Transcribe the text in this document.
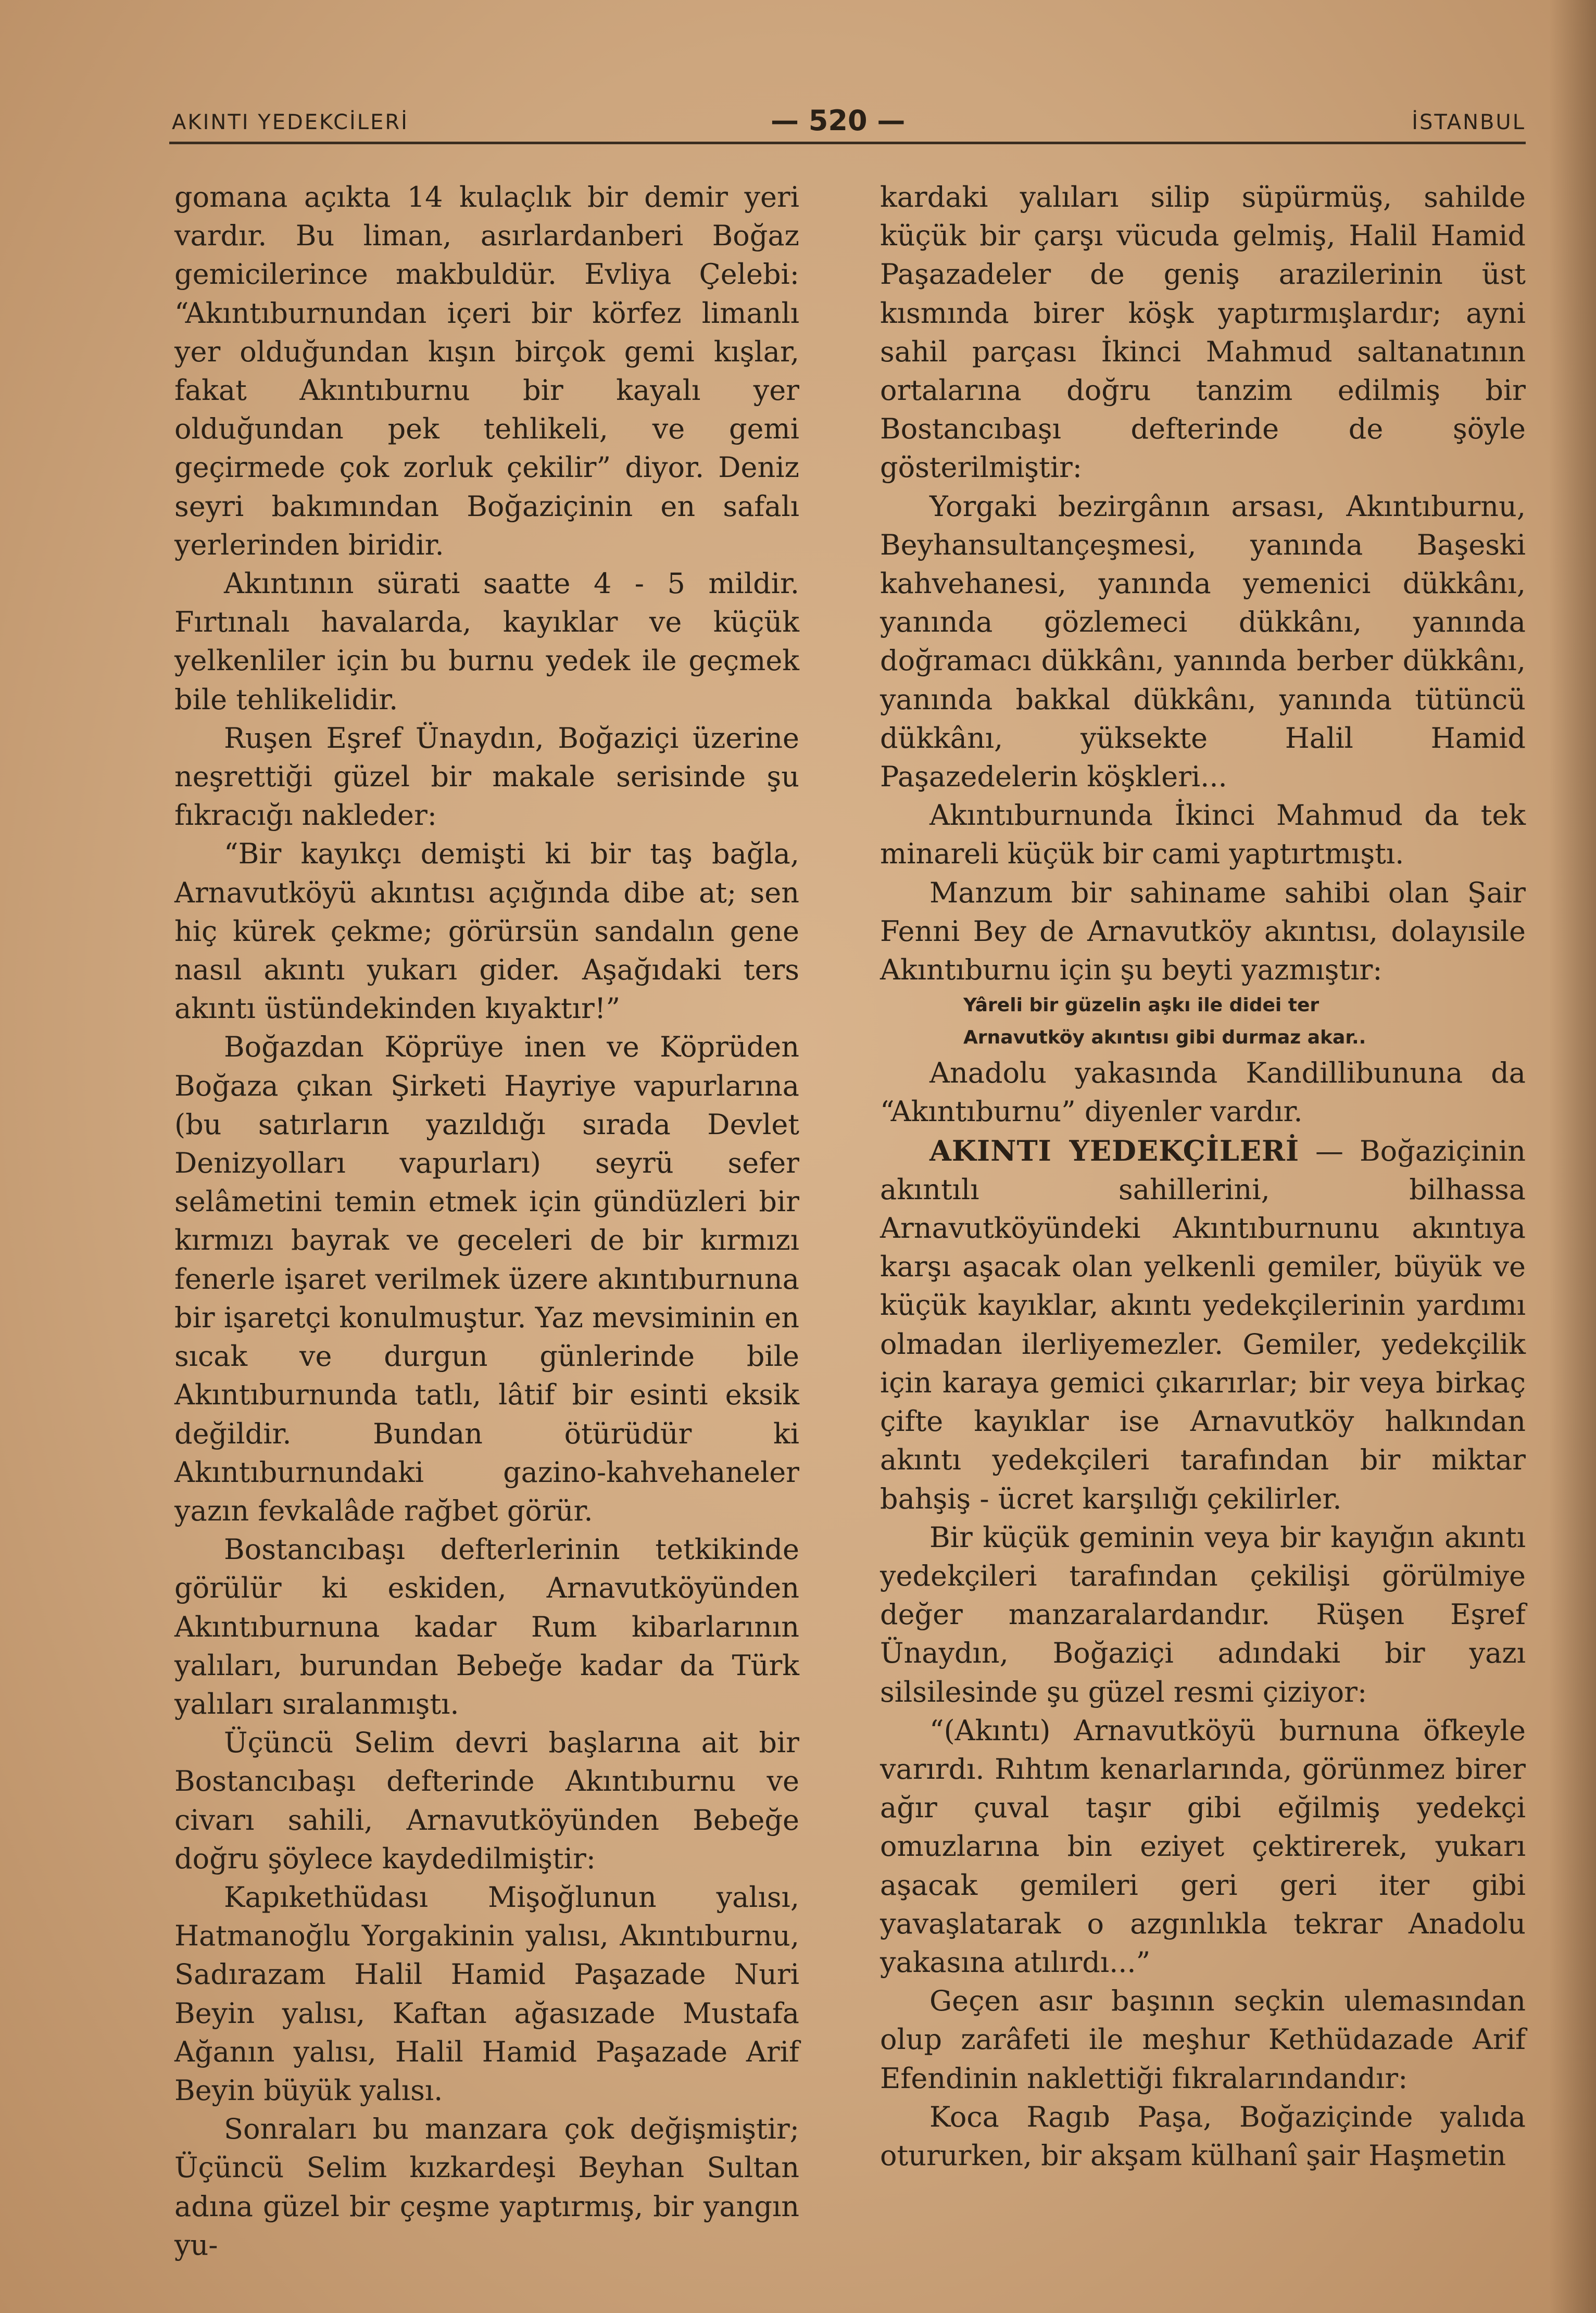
AKINTI YEDEKCİLERİ	— 520 —	İSTANBUL

gomana açıkta 14 kulaçlık bir demir yeri vardır. Bu liman, asırlardanberi Boğaz gemicilerince makbuldür. Evliya Çelebi: “Akıntıburnundan içeri bir körfez limanlı yer olduğundan kışın birçok gemi kışlar, fakat Akıntıburnu bir kayalı yer olduğundan pek tehlikeli, ve gemi geçirmede çok zorluk çekilir” diyor. Deniz seyri bakımından Boğaziçinin en safalı yerlerinden biridir.

Akıntının sürati saatte 4 - 5 mildir. Fırtınalı havalarda, kayıklar ve küçük yelkenliler için bu burnu yedek ile geçmek bile tehlikelidir.

Ruşen Eşref Ünaydın, Boğaziçi üzerine neşrettiği güzel bir makale serisinde şu fıkracığı nakleder:

“Bir kayıkçı demişti ki bir taş bağla, Arnavutköyü akıntısı açığında dibe at; sen hiç kürek çekme; görürsün sandalın gene nasıl akıntı yukarı gider. Aşağıdaki ters akıntı üstündekinden kıyaktır!”

Boğazdan Köprüye inen ve Köprüden Boğaza çıkan Şirketi Hayriye vapurlarına (bu satırların yazıldığı sırada Devlet Denizyolları vapurları) seyrü sefer selâmetini temin etmek için gündüzleri bir kırmızı bayrak ve geceleri de bir kırmızı fenerle işaret verilmek üzere akıntıburnuna bir işaretçi konulmuştur. Yaz mevsiminin en sıcak ve durgun günlerinde bile Akıntıburnunda tatlı, lâtif bir esinti eksik değildir. Bundan ötürüdür ki Akıntıburnundaki gazino-kahvehaneler yazın fevkalâde rağbet görür.

Bostancıbaşı defterlerinin tetkikinde görülür ki eskiden, Arnavutköyünden Akıntıburnuna kadar Rum kibarlarının yalıları, burundan Bebeğe kadar da Türk yalıları sıralanmıştı.

Üçüncü Selim devri başlarına ait bir Bostancıbaşı defterinde Akıntıburnu ve civarı sahili, Arnavutköyünden Bebeğe doğru şöylece kaydedilmiştir:

Kapıkethüdası Mişoğlunun yalısı, Hatmanoğlu Yorgakinin yalısı, Akıntıburnu, Sadırazam Halil Hamid Paşazade Nuri Beyin yalısı, Kaftan ağasızade Mustafa Ağanın yalısı, Halil Hamid Paşazade Arif Beyin büyük yalısı.

Sonraları bu manzara çok değişmiştir; Üçüncü Selim kızkardeşi Beyhan Sultan adına güzel bir çeşme yaptırmış, bir yangın yu-

kardaki yalıları silip süpürmüş, sahilde küçük bir çarşı vücuda gelmiş, Halil Hamid Paşazadeler de geniş arazilerinin üst kısmında birer köşk yaptırmışlardır; ayni sahil parçası İkinci Mahmud saltanatının ortalarına doğru tanzim edilmiş bir Bostancıbaşı defterinde de şöyle gösterilmiştir:

Yorgaki bezirgânın arsası, Akıntıburnu, Beyhansultançeşmesi, yanında Başeski kahvehanesi, yanında yemenici dükkânı, yanında gözlemeci dükkânı, yanında doğramacı dükkânı, yanında berber dükkânı, yanında bakkal dükkânı, yanında tütüncü dükkânı, yüksekte Halil Hamid Paşazedelerin köşkleri...

Akıntıburnunda İkinci Mahmud da tek minareli küçük bir cami yaptırtmıştı.

Manzum bir sahiname sahibi olan Şair Fenni Bey de Arnavutköy akıntısı, dolayısile Akıntıburnu için şu beyti yazmıştır:

Yâreli bir güzelin aşkı ile didei ter
Arnavutköy akıntısı gibi durmaz akar..

Anadolu yakasında Kandillibununa da “Akıntıburnu” diyenler vardır.

AKINTI YEDEKÇİLERİ — Boğaziçinin akıntılı sahillerini, bilhassa Arnavutköyündeki Akıntıburnunu akıntıya karşı aşacak olan yelkenli gemiler, büyük ve küçük kayıklar, akıntı yedekçilerinin yardımı olmadan ilerliyemezler. Gemiler, yedekçilik için karaya gemici çıkarırlar; bir veya birkaç çifte kayıklar ise Arnavutköy halkından akıntı yedekçileri tarafından bir miktar bahşiş - ücret karşılığı çekilirler.

Bir küçük geminin veya bir kayığın akıntı yedekçileri tarafından çekilişi görülmiye değer manzaralardandır. Rüşen Eşref Ünaydın, Boğaziçi adındaki bir yazı silsilesinde şu güzel resmi çiziyor:

“(Akıntı) Arnavutköyü burnuna öfkeyle varırdı. Rıhtım kenarlarında, görünmez birer ağır çuval taşır gibi eğilmiş yedekçi omuzlarına bin eziyet çektirerek, yukarı aşacak gemileri geri geri iter gibi yavaşlatarak o azgınlıkla tekrar Anadolu yakasına atılırdı...”

Geçen asır başının seçkin ulemasından olup zarâfeti ile meşhur Kethüdazade Arif Efendinin naklettiği fıkralarındandır:

Koca Ragıb Paşa, Boğaziçinde yalıda otururken, bir akşam külhanî şair Haşmetin
